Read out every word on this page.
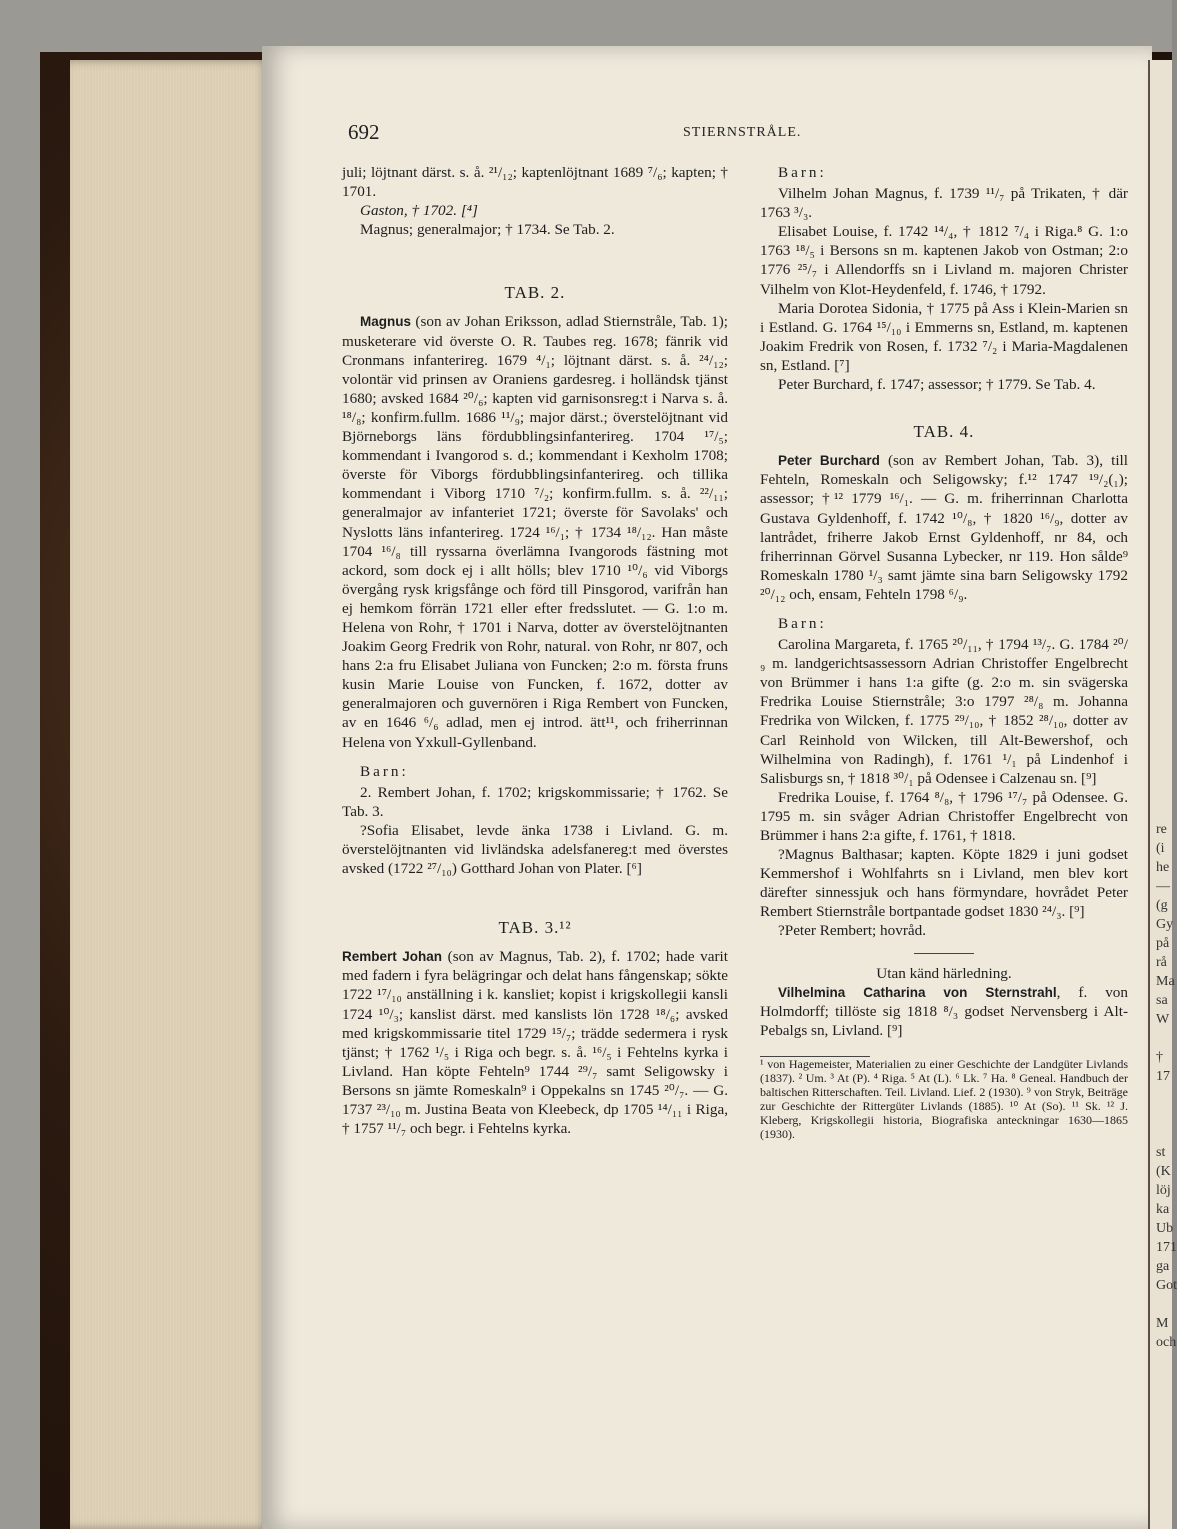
re
(i
he
—
(g
Gy
på
rå
Ma
sa
W

†
17

st
(K
löj
ka
Ub
171
ga
Got

M
och
692	STIERNSTRÅLE.

juli; löjtnant därst. s. å. ²¹/₁₂; kaptenlöjtnant 1689 ⁷/₆; kapten; † 1701.

Gaston, † 1702. [⁴]

Magnus; generalmajor; † 1734. Se Tab. 2.

TAB. 2.

Magnus (son av Johan Eriksson, adlad Stiernstråle, Tab. 1); musketerare vid överste O. R. Taubes reg. 1678; fänrik vid Cronmans infanterireg. 1679 ⁴/₁; löjtnant därst. s. å. ²⁴/₁₂; volontär vid prinsen av Oraniens gardesreg. i holländsk tjänst 1680; avsked 1684 ²⁰/₆; kapten vid garnisonsreg:t i Narva s. å. ¹⁸/₈; konfirm.fullm. 1686 ¹¹/₉; major därst.; överstelöjtnant vid Björneborgs läns fördubblingsinfanterireg. 1704 ¹⁷/₅; kommendant i Ivangorod s. d.; kommendant i Kexholm 1708; överste för Viborgs fördubblingsinfanterireg. och tillika kommendant i Viborg 1710 ⁷/₂; konfirm.fullm. s. å. ²²/₁₁; generalmajor av infanteriet 1721; överste för Savolaks' och Nyslotts läns infanterireg. 1724 ¹⁶/₁; † 1734 ¹⁸/₁₂. Han måste 1704 ¹⁶/₈ till ryssarna överlämna Ivangorods fästning mot ackord, som dock ej i allt hölls; blev 1710 ¹⁰/₆ vid Viborgs övergång rysk krigsfånge och förd till Pinsgorod, varifrån han ej hemkom förrän 1721 eller efter fredsslutet. — G. 1:o m. Helena von Rohr, † 1701 i Narva, dotter av överstelöjtnanten Joakim Georg Fredrik von Rohr, natural. von Rohr, nr 807, och hans 2:a fru Elisabet Juliana von Funcken; 2:o m. första fruns kusin Marie Louise von Funcken, f. 1672, dotter av generalmajoren och guvernören i Riga Rembert von Funcken, av en 1646 ⁶/₆ adlad, men ej introd. ätt¹¹, och friherrinnan Helena von Yxkull-Gyllenband.

Barn:

2. Rembert Johan, f. 1702; krigskommissarie; † 1762. Se Tab. 3.

?Sofia Elisabet, levde änka 1738 i Livland. G. m. överstelöjtnanten vid livländska adelsfanereg:t med överstes avsked (1722 ²⁷/₁₀) Gotthard Johan von Plater. [⁶]

TAB. 3.¹²

Rembert Johan (son av Magnus, Tab. 2), f. 1702; hade varit med fadern i fyra belägringar och delat hans fångenskap; sökte 1722 ¹⁷/₁₀ anställning i k. kansliet; kopist i krigskollegii kansli 1724 ¹⁰/₃; kanslist därst. med kanslists lön 1728 ¹⁸/₆; avsked med krigskommissarie titel 1729 ¹⁵/₇; trädde sedermera i rysk tjänst; † 1762 ¹/₅ i Riga och begr. s. å. ¹⁶/₅ i Fehtelns kyrka i Livland. Han köpte Fehteln⁹ 1744 ²⁹/₇ samt Seligowsky i Bersons sn jämte Romeskaln⁹ i Oppekalns sn 1745 ²⁰/₇. — G. 1737 ²³/₁₀ m. Justina Beata von Kleebeck, dp 1705 ¹⁴/₁₁ i Riga, † 1757 ¹¹/₇ och begr. i Fehtelns kyrka.

Barn:

Vilhelm Johan Magnus, f. 1739 ¹¹/₇ på Trikaten, † där 1763 ³/₃.

Elisabet Louise, f. 1742 ¹⁴/₄, † 1812 ⁷/₄ i Riga.⁸ G. 1:o 1763 ¹⁸/₅ i Bersons sn m. kaptenen Jakob von Ostman; 2:o 1776 ²⁵/₇ i Allendorffs sn i Livland m. majoren Christer Vilhelm von Klot-Heydenfeld, f. 1746, † 1792.

Maria Dorotea Sidonia, † 1775 på Ass i Klein-Marien sn i Estland. G. 1764 ¹⁵/₁₀ i Emmerns sn, Estland, m. kaptenen Joakim Fredrik von Rosen, f. 1732 ⁷/₂ i Maria-Magdalenen sn, Estland. [⁷]

Peter Burchard, f. 1747; assessor; † 1779. Se Tab. 4.

TAB. 4.

Peter Burchard (son av Rembert Johan, Tab. 3), till Fehteln, Romeskaln och Seligowsky; f.¹² 1747 ¹⁹/₂(₁); assessor; †¹² 1779 ¹⁶/₁. — G. m. friherrinnan Charlotta Gustava Gyldenhoff, f. 1742 ¹⁰/₈, † 1820 ¹⁶/₉, dotter av lantrådet, friherre Jakob Ernst Gyldenhoff, nr 84, och friherrinnan Görvel Susanna Lybecker, nr 119. Hon sålde⁹ Romeskaln 1780 ¹/₃ samt jämte sina barn Seligowsky 1792 ²⁰/₁₂ och, ensam, Fehteln 1798 ⁶/₉.

Barn:

Carolina Margareta, f. 1765 ²⁰/₁₁, † 1794 ¹³/₇. G. 1784 ²⁰/₉ m. landgerichtsassessorn Adrian Christoffer Engelbrecht von Brümmer i hans 1:a gifte (g. 2:o m. sin svägerska Fredrika Louise Stiernstråle; 3:o 1797 ²⁸/₈ m. Johanna Fredrika von Wilcken, f. 1775 ²⁹/₁₀, † 1852 ²⁸/₁₀, dotter av Carl Reinhold von Wilcken, till Alt-Bewershof, och Wilhelmina von Radingh), f. 1761 ¹/₁ på Lindenhof i Salisburgs sn, † 1818 ³⁰/₁ på Odensee i Calzenau sn. [⁹]

Fredrika Louise, f. 1764 ⁸/₈, † 1796 ¹⁷/₇ på Odensee. G. 1795 m. sin svåger Adrian Christoffer Engelbrecht von Brümmer i hans 2:a gifte, f. 1761, † 1818.

?Magnus Balthasar; kapten. Köpte 1829 i juni godset Kemmershof i Wohlfahrts sn i Livland, men blev kort därefter sinnessjuk och hans förmyndare, hovrådet Peter Rembert Stiernstråle bortpantade godset 1830 ²⁴/₃. [⁹]

?Peter Rembert; hovråd.

Utan känd härledning.

Vilhelmina Catharina von Sternstrahl, f. von Holmdorff; tillöste sig 1818 ⁸/₃ godset Nervensberg i Alt-Pebalgs sn, Livland. [⁹]

¹ von Hagemeister, Materialien zu einer Geschichte der Landgüter Livlands (1837). ² Um. ³ At (P). ⁴ Riga. ⁵ At (L). ⁶ Lk. ⁷ Ha. ⁸ Geneal. Handbuch der baltischen Ritterschaften. Teil. Livland. Lief. 2 (1930). ⁹ von Stryk, Beiträge zur Geschichte der Rittergüter Livlands (1885). ¹⁰ At (So). ¹¹ Sk. ¹² J. Kleberg, Krigskollegii historia, Biografiska anteckningar 1630—1865 (1930).
